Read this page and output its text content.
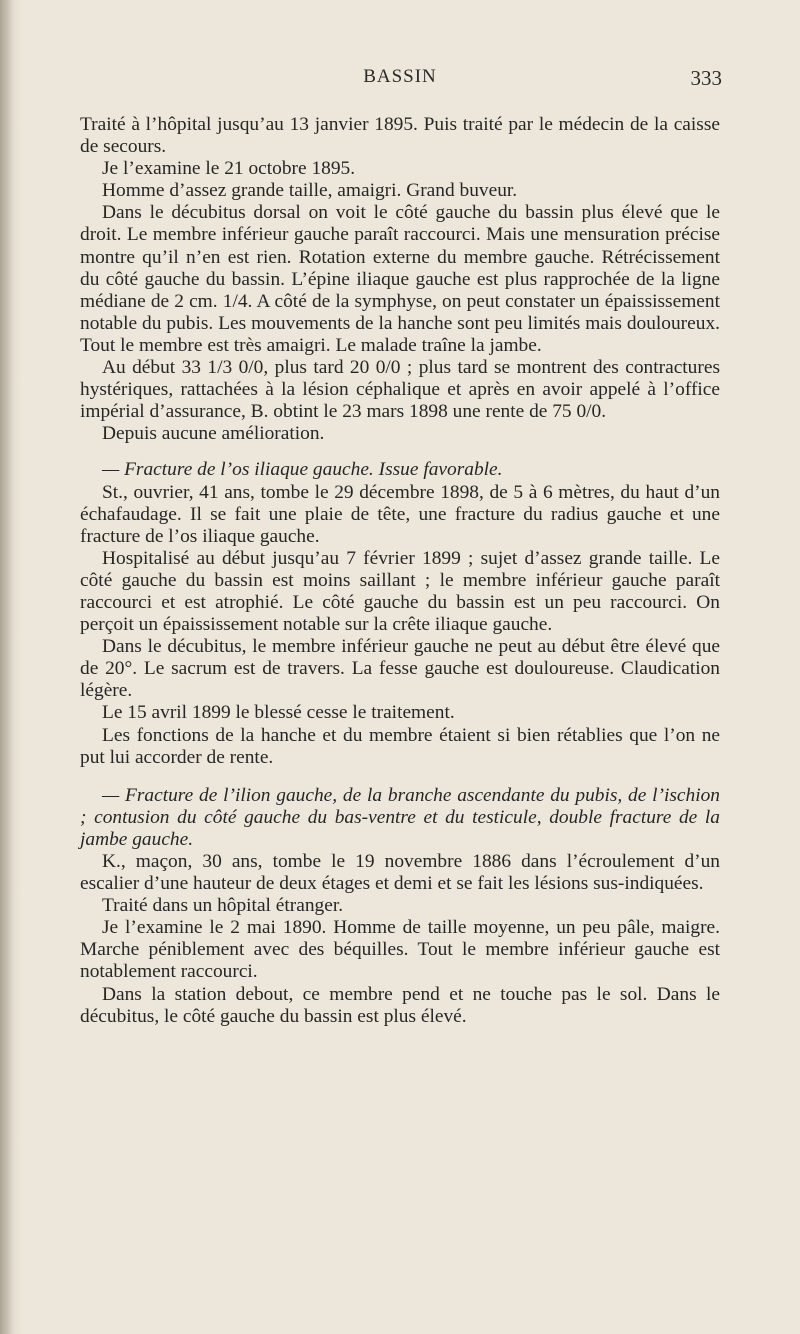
BASSIN	333

Traité à l’hôpital jusqu’au 13 janvier 1895. Puis traité par le médecin de la caisse de secours.

Je l’examine le 21 octobre 1895.

Homme d’assez grande taille, amaigri. Grand buveur.

Dans le décubitus dorsal on voit le côté gauche du bassin plus élevé que le droit. Le membre inférieur gauche paraît raccourci. Mais une mensuration précise montre qu’il n’en est rien. Rotation externe du membre gauche. Rétrécissement du côté gauche du bassin. L’épine iliaque gauche est plus rapprochée de la ligne médiane de 2 cm. 1/4. A côté de la symphyse, on peut constater un épaississement notable du pubis. Les mouvements de la hanche sont peu limités mais douloureux. Tout le membre est très amaigri. Le malade traîne la jambe.

Au début 33 1/3 0/0, plus tard 20 0/0 ; plus tard se montrent des contractures hystériques, rattachées à la lésion céphalique et après en avoir appelé à l’office impérial d’assurance, B. obtint le 23 mars 1898 une rente de 75 0/0.

Depuis aucune amélioration.

— Fracture de l’os iliaque gauche. Issue favorable.

St., ouvrier, 41 ans, tombe le 29 décembre 1898, de 5 à 6 mètres, du haut d’un échafaudage. Il se fait une plaie de tête, une fracture du radius gauche et une fracture de l’os iliaque gauche.

Hospitalisé au début jusqu’au 7 février 1899 ; sujet d’assez grande taille. Le côté gauche du bassin est moins saillant ; le membre inférieur gauche paraît raccourci et est atrophié. Le côté gauche du bassin est un peu raccourci. On perçoit un épaississement notable sur la crête iliaque gauche.

Dans le décubitus, le membre inférieur gauche ne peut au début être élevé que de 20°. Le sacrum est de travers. La fesse gauche est douloureuse. Claudication légère.

Le 15 avril 1899 le blessé cesse le traitement.

Les fonctions de la hanche et du membre étaient si bien rétablies que l’on ne put lui accorder de rente.

— Fracture de l’ilion gauche, de la branche ascendante du pubis, de l’ischion ; contusion du côté gauche du bas-ventre et du testicule, double fracture de la jambe gauche.

K., maçon, 30 ans, tombe le 19 novembre 1886 dans l’écroulement d’un escalier d’une hauteur de deux étages et demi et se fait les lésions sus-indiquées.

Traité dans un hôpital étranger.

Je l’examine le 2 mai 1890. Homme de taille moyenne, un peu pâle, maigre. Marche péniblement avec des béquilles. Tout le membre inférieur gauche est notablement raccourci.

Dans la station debout, ce membre pend et ne touche pas le sol. Dans le décubitus, le côté gauche du bassin est plus élevé.
